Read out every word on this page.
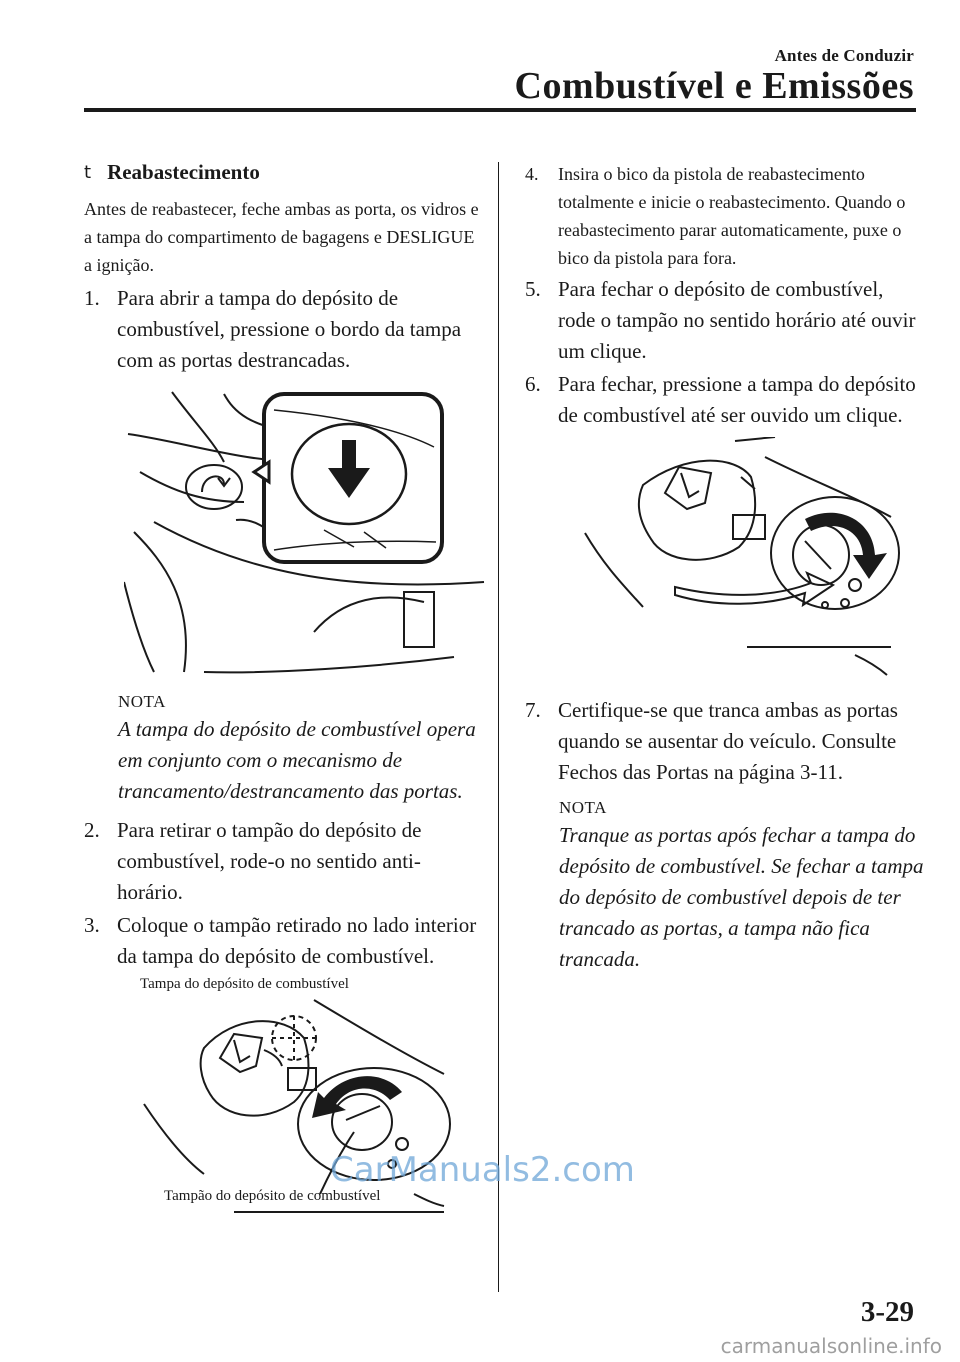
Antes de Conduzir
Combustível e Emissões
t Reabastecimento

Antes de reabastecer, feche ambas as porta, os vidros e a tampa do compartimento de bagagens e DESLIGUE a ignição.

1. Para abrir a tampa do depósito de combustível, pressione o bordo da tampa com as portas destrancadas.

NOTA
A tampa do depósito de combustível opera em conjunto com o mecanismo de trancamento/destrancamento das portas.

2. Para retirar o tampão do depósito de combustível, rode-o no sentido anti-horário.

3. Coloque o tampão retirado no lado interior da tampa do depósito de combustível.

Tampa do depósito de combustível
Tampão do depósito de combustível

4. Insira o bico da pistola de reabastecimento totalmente e inicie o reabastecimento. Quando o reabastecimento parar automaticamente, puxe o bico da pistola para fora.

5. Para fechar o depósito de combustível, rode o tampão no sentido horário até ouvir um clique.

6. Para fechar, pressione a tampa do depósito de combustível até ser ouvido um clique.

7. Certifique-se que tranca ambas as portas quando se ausentar do veículo. Consulte Fechos das Portas na página 3-11.

NOTA
Tranque as portas após fechar a tampa do depósito de combustível. Se fechar a tampa do depósito de combustível depois de ter trancado as portas, a tampa não fica trancada.
3-29
CarManuals2.com
carmanualsonline.info
